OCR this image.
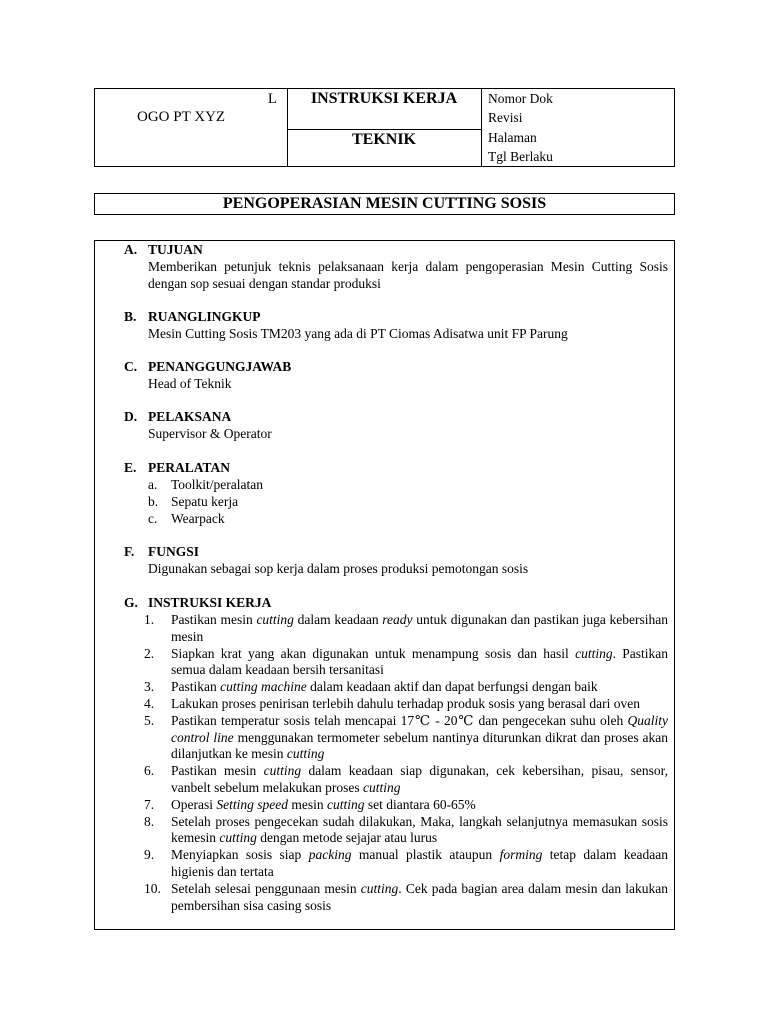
L
OGO PT XYZ
INSTRUKSI KERJA
TEKNIK
Nomor Dok
Revisi
Halaman
Tgl Berlaku
PENGOPERASIAN MESIN CUTTING SOSIS
A. TUJUAN
Memberikan petunjuk teknis pelaksanaan kerja dalam pengoperasian Mesin Cutting Sosis dengan sop sesuai dengan standar produksi
B. RUANGLINGKUP
Mesin Cutting Sosis TM203 yang ada di PT Ciomas Adisatwa unit FP Parung
C. PENANGGUNGJAWAB
Head of Teknik
D. PELAKSANA
Supervisor & Operator
E. PERALATAN
a. Toolkit/peralatan
b. Sepatu kerja
c. Wearpack
F. FUNGSI
Digunakan sebagai sop kerja dalam proses produksi pemotongan sosis
G. INSTRUKSI KERJA
1.	Pastikan mesin cutting dalam keadaan ready untuk digunakan dan pastikan juga kebersihan mesin

2.	Siapkan krat yang akan digunakan untuk menampung sosis dan hasil cutting. Pastikan semua dalam keadaan bersih tersanitasi

3.	Pastikan cutting machine dalam keadaan aktif dan dapat berfungsi dengan baik

4.	Lakukan proses penirisan terlebih dahulu terhadap produk sosis yang berasal dari oven

5.	Pastikan temperatur sosis telah mencapai 17℃ - 20℃ dan pengecekan suhu oleh Quality control line menggunakan termometer sebelum nantinya diturunkan dikrat dan proses akan dilanjutkan ke mesin cutting

6.	Pastikan mesin cutting dalam keadaan siap digunakan, cek kebersihan, pisau, sensor, vanbelt sebelum melakukan proses cutting

7.	Operasi Setting speed mesin cutting set diantara 60-65%

8.	Setelah proses pengecekan sudah dilakukan, Maka, langkah selanjutnya memasukan sosis kemesin cutting dengan metode sejajar atau lurus

9.	Menyiapkan sosis siap packing manual plastik ataupun forming tetap dalam keadaan higienis dan tertata

10. Setelah selesai penggunaan mesin cutting. Cek pada bagian area dalam mesin dan lakukan pembersihan sisa casing sosis
